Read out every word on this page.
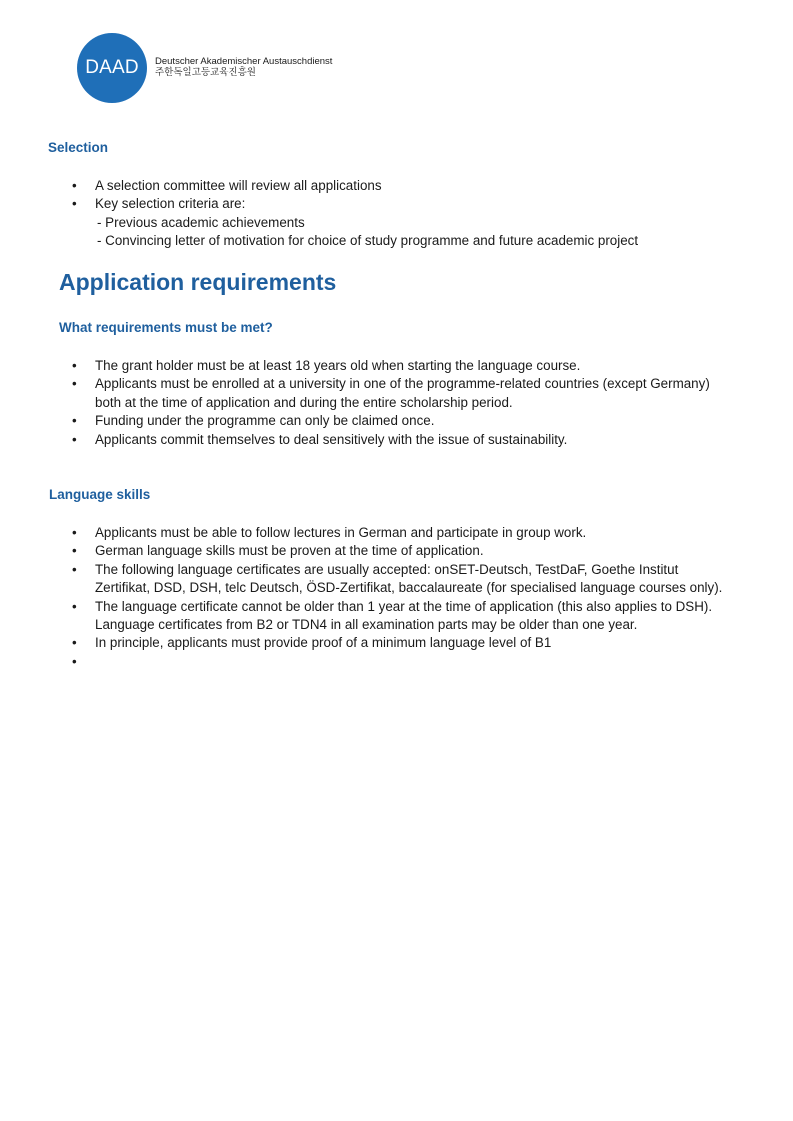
DAAD Deutscher Akademischer Austauschdienst
주한독일고등교육진흥원
Selection
• A selection committee will review all applications
• Key selection criteria are:
- Previous academic achievements
- Convincing letter of motivation for choice of study programme and future academic project
Application requirements
What requirements must be met?
• The grant holder must be at least 18 years old when starting the language course.
• Applicants must be enrolled at a university in one of the programme-related countries (except Germany)
both at the time of application and during the entire scholarship period.
• Funding under the programme can only be claimed once.
• Applicants commit themselves to deal sensitively with the issue of sustainability.
Language skills
• Applicants must be able to follow lectures in German and participate in group work.
• German language skills must be proven at the time of application.
• The following language certificates are usually accepted: onSET-Deutsch, TestDaF, Goethe Institut
Zertifikat, DSD, DSH, telc Deutsch, ÖSD-Zertifikat, baccalaureate (for specialised language courses only).
• The language certificate cannot be older than 1 year at the time of application (this also applies to DSH).
Language certificates from B2 or TDN4 in all examination parts may be older than one year.
• In principle, applicants must provide proof of a minimum language level of B1
•
